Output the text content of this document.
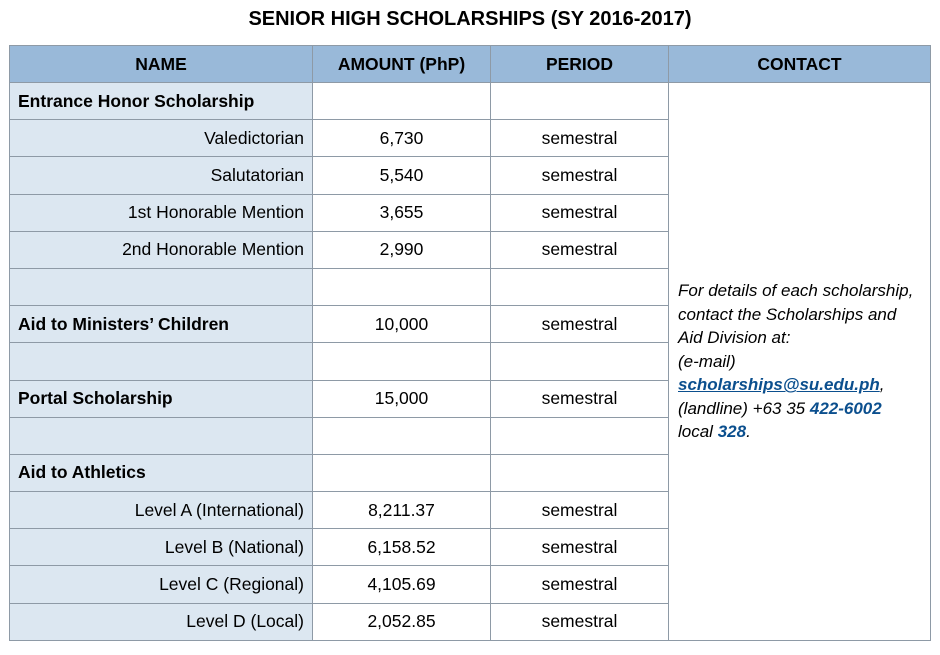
SENIOR HIGH SCHOLARSHIPS (SY 2016-2017)
NAME	AMOUNT (PhP)	PERIOD	CONTACT
Entrance Honor Scholarship			For details of each scholarship, contact the Scholarships and Aid Division at:
(e-mail)
scholarships@su.edu.ph,
(landline) +63 35 422-6002
local 328.
Valedictorian	6,730	semestral	
Salutatorian	5,540	semestral	
1st Honorable Mention	3,655	semestral	
2nd Honorable Mention	2,990	semestral	

Aid to Ministers’ Children	10,000	semestral	

Portal Scholarship	15,000	semestral	

Aid to Athletics			
Level A (International)	8,211.37	semestral	
Level B (National)	6,158.52	semestral	
Level C (Regional)	4,105.69	semestral	
Level D (Local)	2,052.85	semestral	
